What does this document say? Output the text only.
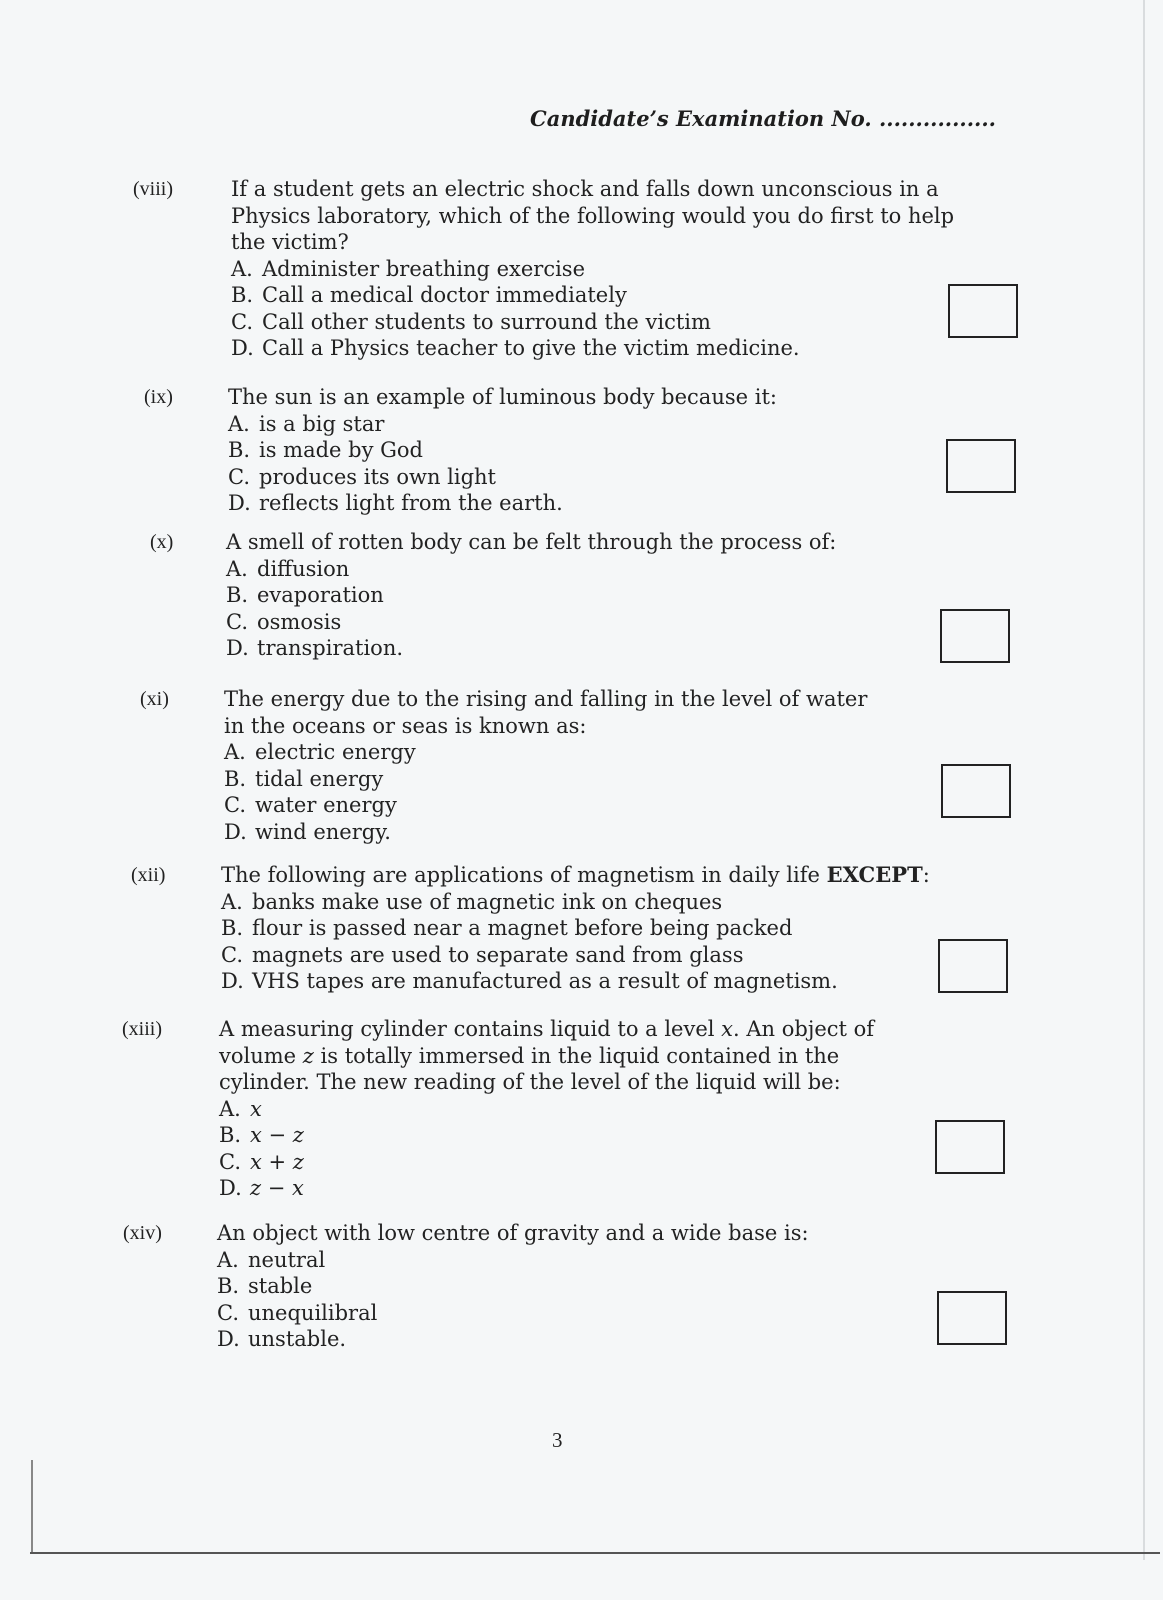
Candidate’s Examination No. ................
(viii)	If a student gets an electric shock and falls down unconscious in a
Physics laboratory, which of the following would you do first to help
the victim?
A. Administer breathing exercise
B. Call a medical doctor immediately
C. Call other students to surround the victim
D. Call a Physics teacher to give the victim medicine.
(ix)	The sun is an example of luminous body because it:
A. is a big star
B. is made by God
C. produces its own light
D. reflects light from the earth.
(x)	A smell of rotten body can be felt through the process of:
A. diffusion
B. evaporation
C. osmosis
D. transpiration.
(xi)	The energy due to the rising and falling in the level of water
in the oceans or seas is known as:
A. electric energy
B. tidal energy
C. water energy
D. wind energy.
(xii)	The following are applications of magnetism in daily life EXCEPT:
A. banks make use of magnetic ink on cheques
B. flour is passed near a magnet before being packed
C. magnets are used to separate sand from glass
D. VHS tapes are manufactured as a result of magnetism.
(xiii)	A measuring cylinder contains liquid to a level x. An object of
volume z is totally immersed in the liquid contained in the
cylinder. The new reading of the level of the liquid will be:
A. x
B. x − z
C. x + z
D. z − x
(xiv)	An object with low centre of gravity and a wide base is:
A. neutral
B. stable
C. unequilibral
D. unstable.
3
